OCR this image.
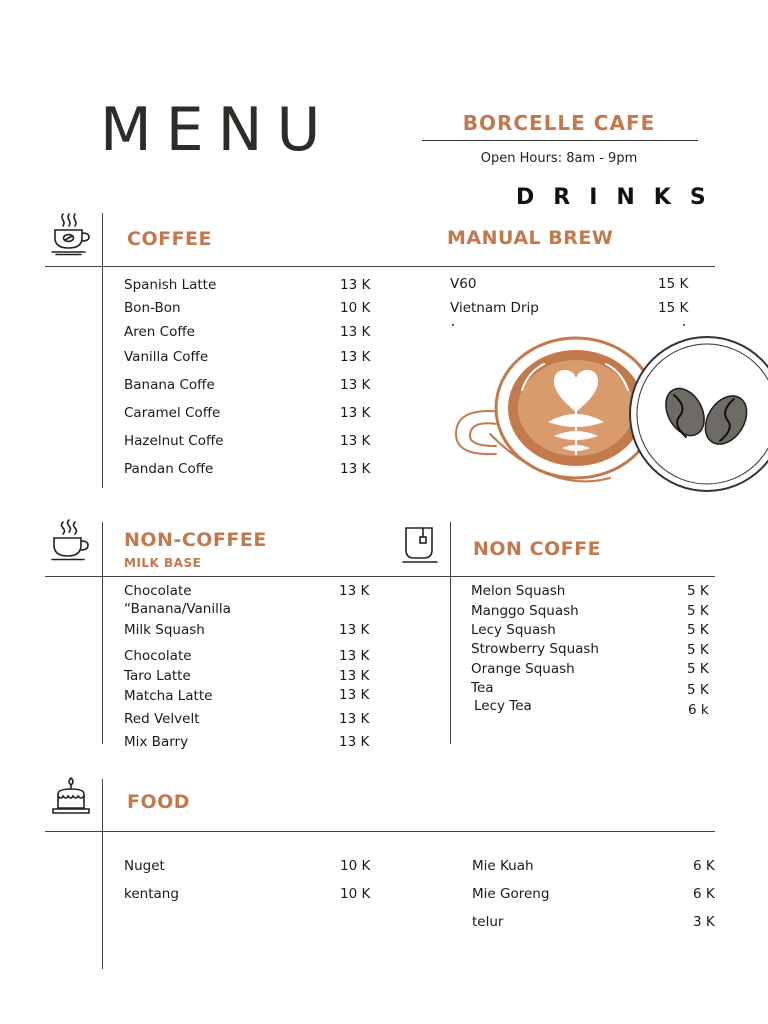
MENU	BORCELLE CAFE
Open Hours: 8am - 9pm
DRINKS
COFFEE	MANUAL BREW
Spanish Latte	13 K
Bon-Bon	10 K
Aren Coffe	13 K
Vanilla Coffe	13 K
Banana Coffe	13 K
Caramel Coffe	13 K
Hazelnut Coffe	13 K
Pandan Coffe	13 K
V60	15 K
Vietnam Drip	15 K
NON-COFFEE
MILK BASE
Chocolate	13 K
“Banana/Vanilla
Milk Squash	13 K
Chocolate	13 K
Taro Latte	13 K
Matcha Latte	13 K
Red Velvelt	13 K
Mix Barry	13 K
NON COFFE
Melon Squash	5 K
Manggo Squash	5 K
Lecy Squash	5 K
Strowberry Squash	5 K
Orange Squash	5 K
Tea	5 K
Lecy Tea	6 k
FOOD
Nuget	10 K
kentang	10 K
Mie Kuah	6 K
Mie Goreng	6 K
telur	3 K
